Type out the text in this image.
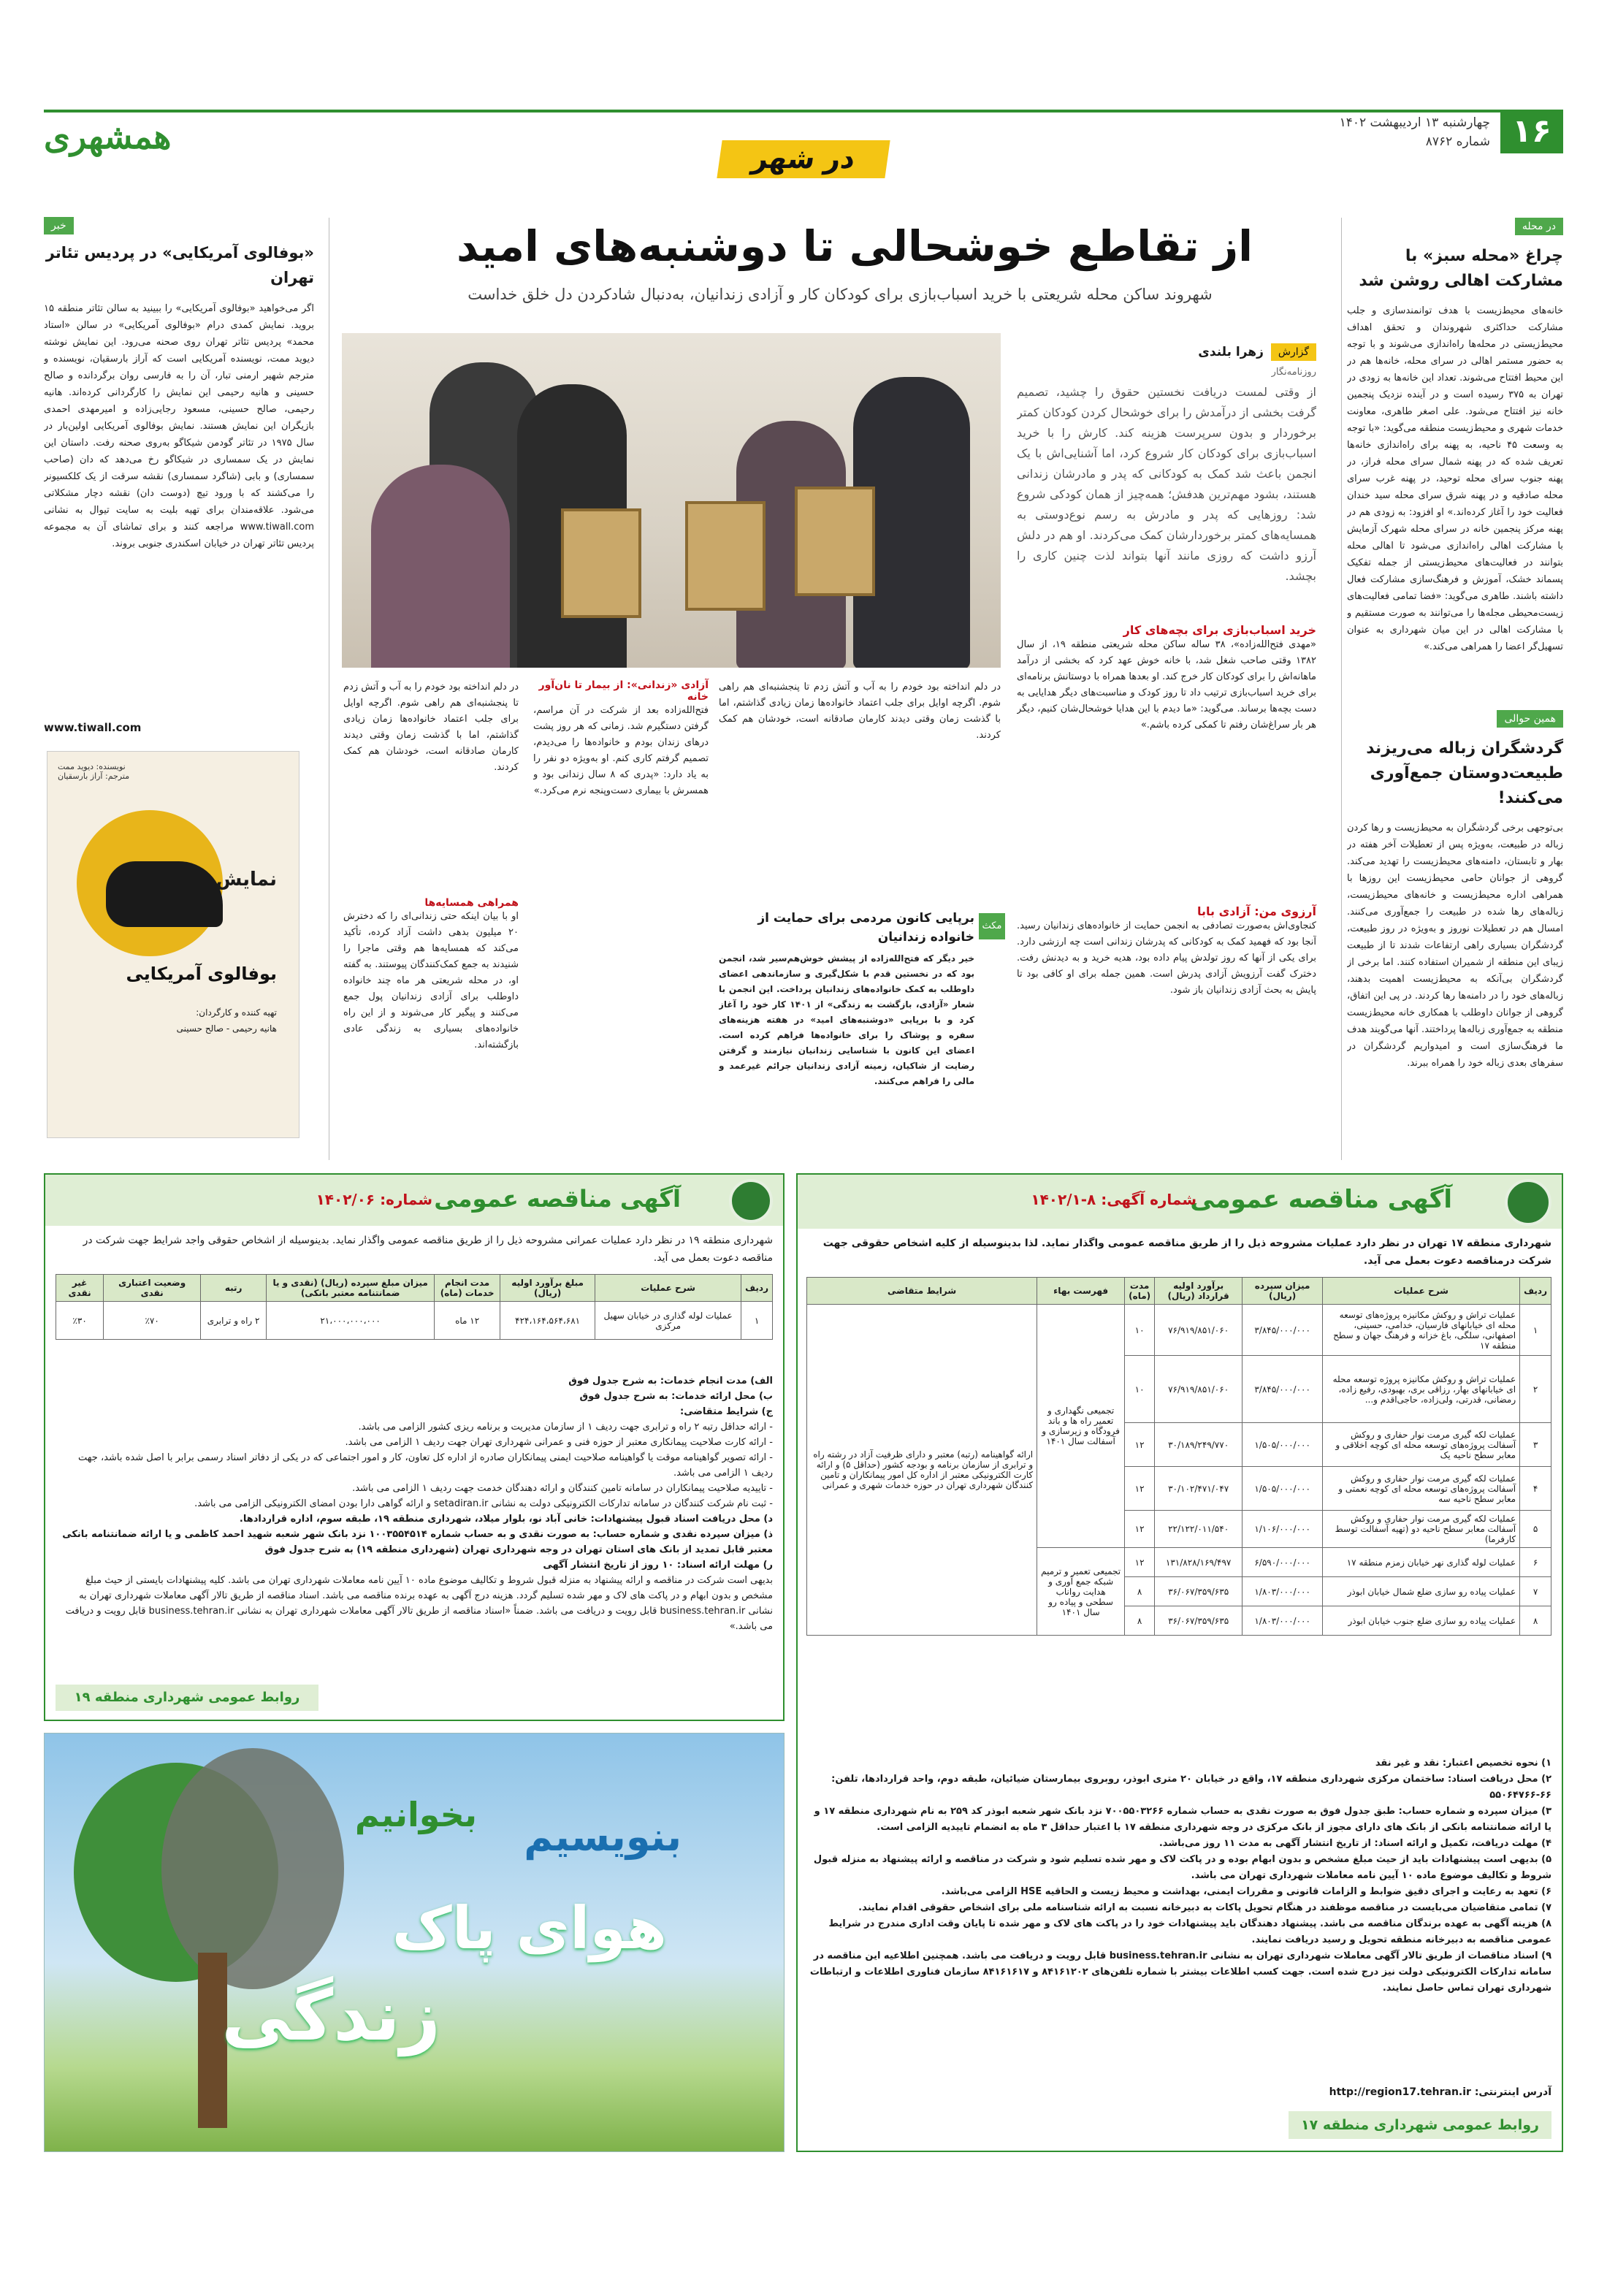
۱۶
چهارشنبه ۱۳ اردیبهشت ۱۴۰۲
شماره ۸۷۶۲
در شهر
همشهری
در محله
چراغ «محله سبز» با مشارکت اهالی روشن شد
خانه‌های محیط‌زیست با هدف توانمندسازی و جلب مشارکت حداکثری شهروندان و تحقق اهداف محیط‌زیستی در محله‌ها راه‌اندازی می‌شوند و با توجه به حضور مستمر اهالی در سرای محله، خانه‌ها هم در این محیط افتتاح می‌شوند. تعداد این خانه‌ها به زودی در تهران به ۳۷۵ رسیده است و در آینده نزدیک پنجمین خانه نیز افتتاح می‌شود. علی اصغر طاهری، معاونت خدمات شهری و محیط‌زیست منطقه می‌گوید: «با توجه به وسعت ۴۵ ناحیه، به پهنه برای راه‌اندازی خانه‌ها تعریف شده که در پهنه شمال سرای محله فراز، در پهنه جنوب سرای محله توحید، در پهنه غرب سرای محله صادقیه و در پهنه شرق سرای محله سید خندان فعالیت خود را آغاز کرده‌اند.» او افزود: به زودی هم در پهنه مرکز پنجمین خانه در سرای محله شهرک آزمایش با مشارکت اهالی راه‌اندازی می‌شود تا اهالی محله بتوانند در فعالیت‌های محیط‌زیستی از جمله تفکیک پسماند خشک، آموزش و فرهنگ‌سازی مشارکت فعال داشته باشند. طاهری می‌گوید: «فضا تمامی فعالیت‌های زیست‌محیطی مجله‌ها را می‌توانند به صورت مستقیم و با مشارکت اهالی در این میان شهرداری به عنوان تسهیل‌گر اعضا را همراهی می‌کند.»
همین حوالی
گردشگران زباله می‌ریزند طبیعت‌دوستان جمع‌آوری می‌کنند!
بی‌توجهی برخی گردشگران به محیط‌زیست و رها کردن زباله در طبیعت، به‌ویژه پس از تعطیلات آخر هفته در بهار و تابستان، دامنه‌های محیط‌زیست را تهدید می‌کند. گروهی از جوانان حامی محیط‌زیست این روزها با همراهی اداره محیط‌زیست و خانه‌های محیط‌زیست، زباله‌های رها شده در طبیعت را جمع‌آوری می‌کنند. امسال هم در تعطیلات نوروز و به‌ویژه در روز طبیعت، گردشگران بسیاری راهی ارتفاعات شدند تا از طبیعت زیبای این منطقه از شمیران استفاده کنند. اما برخی از گردشگران بی‌آنکه به محیط‌زیست اهمیت بدهند، زباله‌های خود را در دامنه‌ها رها کردند. در پی این اتفاق، گروهی از جوانان داوطلب با همکاری خانه محیط‌زیست منطقه به جمع‌آوری زباله‌ها پرداختند. آنها می‌گویند هدف ما فرهنگ‌سازی است و امیدواریم گردشگران در سفرهای بعدی زباله خود را همراه ببرند.
از تقاطع خوشحالی تا دوشنبه‌های امید
شهروند ساکن محله شریعتی با خرید اسباب‌بازی برای کودکان کار و آزادی زندانیان، به‌دنبال شادکردن دل خلق خداست
گزارش
زهرا بلندی
روزنامه‌نگار
از وقتی لمست دریافت نخستین حقوق را چشید، تصمیم گرفت بخشی از درآمدش را برای خوشحال کردن کودکان کمتر برخوردار و بدون سرپرست هزینه کند. کارش را با خرید اسباب‌بازی برای کودکان کار شروع کرد، اما آشنایی‌اش با یک انجمن باعث شد کمک به کودکانی که پدر و مادرشان زندانی هستند، بشود مهم‌ترین هدفش؛ همه‌چیز از همان کودکی شروع شد: روزهایی که پدر و مادرش به رسم نوع‌دوستی به همسایه‌های کمتر برخوردارشان کمک می‌کردند. او هم در دلش آرزو داشت که روزی مانند آنها بتواند لذت چنین کاری را بچشد.
خرید اسباب‌بازی برای بچه‌های کار
«مهدی فتح‌الله‌زاده»، ۳۸ ساله ساکن محله شریعتی منطقه ۱۹، از سال ۱۳۸۲ وقتی صاحب شغل شد، با خانه خوش عهد کرد که بخشی از درآمد ماهانه‌اش را برای کودکان کار خرج کند. او بعدها همراه با دوستانش برنامه‌ای برای خرید اسباب‌بازی ترتیب داد تا روز کودک و مناسبت‌های دیگر هدایایی به دست بچه‌ها برساند. می‌گوید: «ما دیدم با این هدایا خوشحال‌شان کنیم، دیگر هر بار سراغ‌شان رفتم تا کمکی کرده باشم.»
آرزوی من: آزادی بابا
کنجاوی‌اش به‌صورت تصادفی به انجمن حمایت از خانواده‌های زندانیان رسید. آنجا بود که فهمید کمک به کودکانی که پدرشان زندانی است چه ارزشی دارد. برای یکی از آنها که روز تولدش پیام داده بود، هدیه خرید و به دیدنش رفت. دخترک گفت آرزویش آزادی پدرش است. همین جمله برای او کافی بود تا پایش به بحث آزادی زندانیان باز شود.
در دلم انداخته بود خودم را به آب و آتش زدم تا پنجشنبه‌ای هم راهی شوم. اگرچه اوایل برای جلب اعتماد خانواده‌ها زمان زیادی گذاشتم، اما با گذشت زمان وقتی دیدند کارمان صادقانه است، خودشان هم کمک کردند.
مکث
برپایی کانون مردمی برای حمایت از خانواده زندانیان
خیر دیگر که فتح‌الله‌زاده از پیشش خوش‌هم‌سیر شد، انجمن بود که در نخستین قدم با شکل‌گیری و سازماندهی اعضای داوطلب به کمک خانواده‌های زندانیان پرداخت. این انجمن با شعار «آزادی، بازگشت به زندگی» از ۱۴۰۱ کار خود را آغاز کرد و با برپایی «دوشنبه‌های امید» در هفته هزینه‌های سفره و پوشاک را برای خانواده‌ها فراهم کرده است. اعضای این کانون با شناسایی زندانیان نیازمند و گرفتن رضایت از شاکیان، زمینه آزادی زندانیان جرائم غیرعمد و مالی را فراهم می‌کنند.
آزادی «زندانی»: از بیمار تا نان‌آور خانه
فتح‌الله‌زاده بعد از شرکت در آن مراسم، گرفتن دستگیرم شد. زمانی که هر روز پشت درهای زندان بودم و خانواده‌ها را می‌دیدم، تصمیم گرفتم کاری کنم. او به‌ویژه دو نفر را به یاد دارد: «پدری که ۸ سال زندانی بود و همسرش با بیماری دست‌وپنجه نرم می‌کرد.»
در دلم انداخته بود خودم را به آب و آتش زدم تا پنجشنبه‌ای هم راهی شوم. اگرچه اوایل برای جلب اعتماد خانواده‌ها زمان زیادی گذاشتم، اما با گذشت زمان وقتی دیدند کارمان صادقانه است، خودشان هم کمک کردند.
همراهی همسایه‌ها
او با بیان اینکه حتی زندانی‌ای را که دخترش ۲۰ میلیون بدهی داشت آزاد کرده، تأکید می‌کند که همسایه‌ها هم وقتی ماجرا را شنیدند به جمع کمک‌کنندگان پیوستند. به گفته او، در محله شریعتی هر ماه چند خانواده داوطلب برای آزادی زندانیان پول جمع می‌کنند و پیگیر کار می‌شوند و از این راه خانواده‌های بسیاری به زندگی عادی بازگشته‌اند.
خبر
«بوفالوی آمریکایی» در پردیس تئاتر تهران
اگر می‌خواهید «بوفالوی آمریکایی» را ببینید به سالن تئاتر منطقه ۱۵ بروید. نمایش کمدی درام «بوفالوی آمریکایی» در سالن «استاد محمد» پردیس تئاتر تهران روی صحنه می‌رود. این نمایش نوشته دیوید ممت، نویسنده آمریکایی است که آراز بارسقیان، نویسنده و مترجم شهیر ارمنی تبار، آن را به فارسی روان برگردانده و صالح حسینی و هانیه رحیمی این نمایش را کارگردانی کرده‌اند. هانیه رحیمی، صالح حسینی، مسعود رجایی‌زاده و امیرمهدی احمدی بازیگران این نمایش هستند. نمایش بوفالوی آمریکایی اولین‌بار در سال ۱۹۷۵ در تئاتر گودمن شیکاگو به‌روی صحنه رفت. داستان این نمایش در یک سمساری در شیکاگو رخ می‌دهد که دان (صاحب سمساری) و بابی (شاگرد سمساری) نقشه سرقت از یک کلکسیونر را می‌کشند که با ورود تیچ (دوست دان) نقشه دچار مشکلاتی می‌شود. علاقه‌مندان برای تهیه بلیت به سایت تیوال به نشانی www.tiwall.com مراجعه کنند و برای تماشای آن به مجموعه پردیس تئاتر تهران در خیابان اسکندری جنوبی بروند.
www.tiwall.com
نویسنده: دیوید ممت
مترجم: آراز بارسقیان
نمایش
بوفالوی آمریکایی
تهیه کننده و کارگردان:
هانیه رحیمی - صالح حسینی
آگهی مناقصه عمومی
شماره آگهی: ۸-۱۴۰۲/۱
شهرداری منطقه ۱۷ تهران در نظر دارد عملیات مشروحه ذیل را از طریق مناقصه عمومی واگذار نماید. لذا بدینوسیله از کلیه اشخاص حقوقی جهت شرکت درمناقصه دعوت بعمل می آید.
ردیف	شرح عملیات	میزان سپرده (ریال)	برآورد اولیه قرارداد (ریال)	مدت (ماه)	فهرست بهاء	شرایط متقاضی
۱	عملیات تراش و روکش مکانیزه پروژه‌های توسعه محله ای خیابانهای فارسیان، خدامی، حسینی، اصفهانی، سلگی، باغ خزانه و فرهنگ جهان و سطح منطقه ۱۷	۳/۸۴۵/۰۰۰/۰۰۰	۷۶/۹۱۹/۸۵۱/۰۶۰	۱۰	تجمیعی نگهداری و تعمیر راه ها و باند فرودگاه و زیرسازی و آسفالت سال ۱۴۰۱	ارائه گواهینامه (رتبه) معتبر و دارای ظرفیت آزاد در رشته راه و ترابری از سازمان برنامه و بودجه کشور (حداقل ۵) و ارائه کارت الکترونیکی معتبر از اداره کل امور پیمانکاران و تامین کنندگان شهرداری تهران در حوزه خدمات شهری و عمرانی
۲	عملیات تراش و روکش مکانیزه پروژه توسعه محله ای خیابانهای بهار، رزاقی بری، بهبودی، رفیع زاده، رمضانی، قدرتی، ولی‌زاده، حاجی‌اقدم و...	۳/۸۴۵/۰۰۰/۰۰۰	۷۶/۹۱۹/۸۵۱/۰۶۰	۱۰		
۳	عملیات لکه گیری مرمت نوار حفاری و روکش آسفالت پروژه‌های توسعه محله ای کوچه اخلاقی و معابر سطح ناحیه یک	۱/۵۰۵/۰۰۰/۰۰۰	۳۰/۱۸۹/۲۴۹/۷۷۰	۱۲		
۴	عملیات لکه گیری مرمت نوار حفاری و روکش آسفالت پروژه‌های توسعه محله ای کوچه نعمتی و معابر سطح ناحیه سه	۱/۵۰۵/۰۰۰/۰۰۰	۳۰/۱۰۲/۴۷۱/۰۴۷	۱۲		
۵	عملیات لکه گیری مرمت نوار حفاری و روکش آسفالت معابر سطح ناحیه دو (تهیه آسفالت توسط کارفرما)	۱/۱۰۶/۰۰۰/۰۰۰	۲۲/۱۲۲/۰۱۱/۵۴۰	۱۲		
۶	عملیات لوله گذاری نهر خیابان زمزم منطقه ۱۷	۶/۵۹۰/۰۰۰/۰۰۰	۱۳۱/۸۲۸/۱۶۹/۴۹۷	۱۲	تجمیعی تعمیر و ترمیم شبکه جمع آوری و هدایت رواناب سطحی و پیاده رو سال ۱۴۰۱	
۷	عملیات پیاده رو سازی ضلع شمال خیابان ابوذر	۱/۸۰۳/۰۰۰/۰۰۰	۳۶/۰۶۷/۳۵۹/۶۳۵	۸		
۸	عملیات پیاده رو سازی ضلع جنوب خیابان ابوذر	۱/۸۰۳/۰۰۰/۰۰۰	۳۶/۰۶۷/۳۵۹/۶۳۵	۸		
۱) نحوه تخصیص اعتبار: نقد و غیر نقد
۲) محل دریافت اسناد: ساختمان مرکزی شهرداری منطقه ۱۷، واقع در خیابان ۲۰ متری ابوذر، روبروی بیمارستان ضیائیان، طبقه دوم، واحد قراردادها، تلفن: ۶۶-۵۵۰۶۴۷۶۶
۳) میزان سپرده و شماره حساب: طبق جدول فوق به صورت نقدی به حساب شماره ۷۰۰۵۵۰۳۲۶۶ نزد بانک شهر شعبه ابوذر کد ۲۵۹ به نام شهرداری منطقه ۱۷ و یا ارائه ضمانتنامه بانکی از بانک های دارای مجوز از بانک مرکزی در وجه شهرداری منطقه ۱۷ با اعتبار حداقل ۳ ماه به انضمام تاییدیه الزامی است.
۴) مهلت دریافت، تکمیل و ارائه اسناد: از تاریخ انتشار آگهی به مدت ۱۱ روز می‌باشد.
۵) بدیهی است پیشنهادات باید از حیث مبلغ مشخص و بدون ابهام بوده و در پاکت لاک و مهر شده تسلیم شود و شرکت در مناقصه و ارائه پیشنهاد به منزله قبول شروط و تکالیف موضوع ماده ۱۰ آیین نامه معاملات شهرداری تهران می باشد.
۶) تعهد به رعایت و اجرای دقیق ضوابط و الزامات قانونی و مقررات ایمنی، بهداشت و محیط زیست و الحاقیه HSE الزامی می‌باشد.
۷) تمامی متقاضیان می‌بایست در مناقصه موظفند در هنگام تحویل پاکات به دبیرخانه نسبت به ارائه شناسنامه ملی برای اشخاص حقوقی اقدام نمایند.
۸) هزینه آگهی به عهده برندگان مناقصه می باشد. پیشنهاد دهندگان باید پیشنهادات خود را در پاکت های لاک و مهر شده تا پایان وقت اداری مندرج در شرایط عمومی مناقصه به دبیرخانه منطقه تحویل و رسید دریافت نمایند.
۹) اسناد مناقصات از طریق تالار آگهی معاملات شهرداری تهران به نشانی business.tehran.ir قابل رویت و دریافت می باشد. همچنین اطلاعیه این مناقصه در سامانه تدارکات الکترونیکی دولت نیز درج شده است. جهت کسب اطلاعات بیشتر با شماره تلفن‌های ۸۴۱۶۱۲۰۲ و ۸۴۱۶۱۶۱۷ سازمان فناوری اطلاعات و ارتباطات شهرداری تهران تماس حاصل نمایند.
آدرس اینترنتی: http://region17.tehran.ir
روابط عمومی شهرداری منطقه ۱۷
آگهی مناقصه عمومی
شماره: ۱۴۰۲/۰۶
شهرداری منطقه ۱۹ در نظر دارد عملیات عمرانی مشروحه ذیل را از طریق مناقصه عمومی واگذار نماید. بدینوسیله از اشخاص حقوقی واجد شرایط جهت شرکت در مناقصه دعوت بعمل می آید.
ردیف	شرح عملیات	مبلغ برآورد اولیه (ریال)	مدت انجام خدمات (ماه)	میزان مبلغ سپرده (ریال) (نقدی و یا ضمانتنامه معتبر بانکی)	رتبه	وضعیت اعتباری نقدی	غیر نقدی
۱	عملیات لوله گذاری در خیابان سهیل مرکزی	۴۲۴،۱۶۴،۵۶۴،۶۸۱	۱۲ ماه	۲۱،۰۰۰،۰۰۰،۰۰۰	۲ راه و ترابری	٪۷۰	٪۳۰
الف) مدت انجام خدمات: به شرح جدول فوق
ب) محل ارائه خدمات: به شرح جدول فوق
ج) شرایط متقاضی:
- ارائه حداقل رتبه ۲ راه و ترابری جهت ردیف ۱ از سازمان مدیریت و برنامه ریزی کشور الزامی می باشد.
- ارائه کارت صلاحیت پیمانکاری معتبر از حوزه فنی و عمرانی شهرداری تهران جهت ردیف ۱ الزامی می باشد.
- ارائه تصویر گواهینامه موقت یا گواهینامه صلاحیت ایمنی پیمانکاران صادره از اداره کل تعاون، کار و امور اجتماعی که در یکی از دفاتر اسناد رسمی برابر با اصل شده باشد، جهت ردیف ۱ الزامی می باشد.
- تاییدیه صلاحیت پیمانکاران در سامانه تامین کنندگان و ارائه دهندگان خدمت جهت ردیف ۱ الزامی می باشد.
- ثبت نام شرکت کنندگان در سامانه تدارکات الکترونیکی دولت به نشانی setadiran.ir و ارائه گواهی دارا بودن امضای الکترونیکی الزامی می باشد.
د) محل دریافت اسناد قبول پیشنهادات: خانی آباد نو، بلوار میلاد، شهرداری منطقه ۱۹، طبقه سوم، اداره قراردادها.
ذ) میزان سپرده نقدی و شماره حساب: به صورت نقدی و به حساب شماره ۱۰۰۳۵۵۴۵۱۴ نزد بانک شهر شعبه شهید احمد کاظمی و یا ارائه ضمانتنامه بانکی معتبر قابل تمدید از بانک های استان تهران در وجه شهرداری تهران (شهرداری منطقه ۱۹) به شرح جدول فوق
ر) مهلت ارائه اسناد: ۱۰ روز از تاریخ انتشار آگهی
بدیهی است شرکت در مناقصه و ارائه پیشنهاد به منزله قبول شروط و تکالیف موضوع ماده ۱۰ آیین نامه معاملات شهرداری تهران می باشد. کلیه پیشنهادات بایستی از حیث مبلغ مشخص و بدون ابهام و در پاکت های لاک و مهر شده تسلیم گردد. هزینه درج آگهی به عهده برنده مناقصه می باشد. اسناد مناقصه از طریق تالار آگهی معاملات شهرداری تهران به نشانی business.tehran.ir قابل رویت و دریافت می باشد. ضمناً «اسناد مناقصه از طریق تالار آگهی معاملات شهرداری تهران به نشانی business.tehran.ir قابل رویت و دریافت می باشد.»
روابط عمومی شهرداری منطقه ۱۹
بنویسیم
بخوانیم
هوای پاک
زندگی
